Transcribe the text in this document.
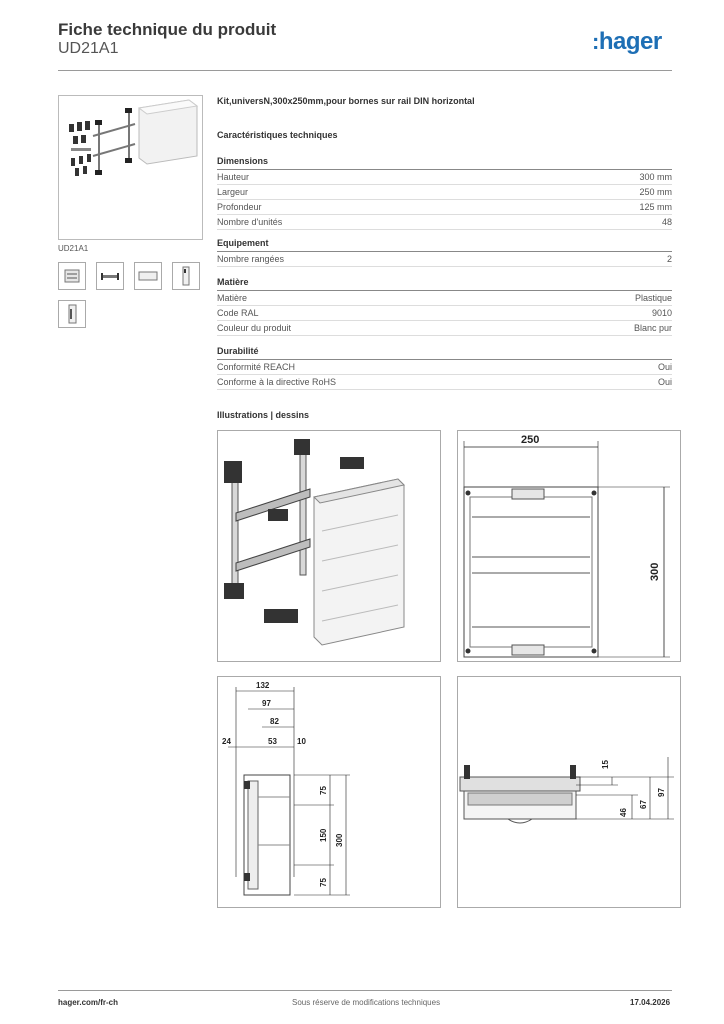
Fiche technique du produit
UD21A1	:hager
UD21A1
Kit,universN,300x250mm,pour bornes sur rail DIN horizontal
Caractéristiques techniques
Dimensions
Hauteur	300 mm
Largeur	250 mm
Profondeur	125 mm
Nombre d'unités	48
Equipement
Nombre rangées	2
Matière
Matière	Plastique
Code RAL	9010
Couleur du produit	Blanc pur
Durabilité
Conformité REACH	Oui
Conforme à la directive RoHS	Oui
Illustrations | dessins
250
300
132
97
82
24	53	10
75
150
75
300
15
46
67
97
hager.com/fr-ch	Sous réserve de modifications techniques	17.04.2026
